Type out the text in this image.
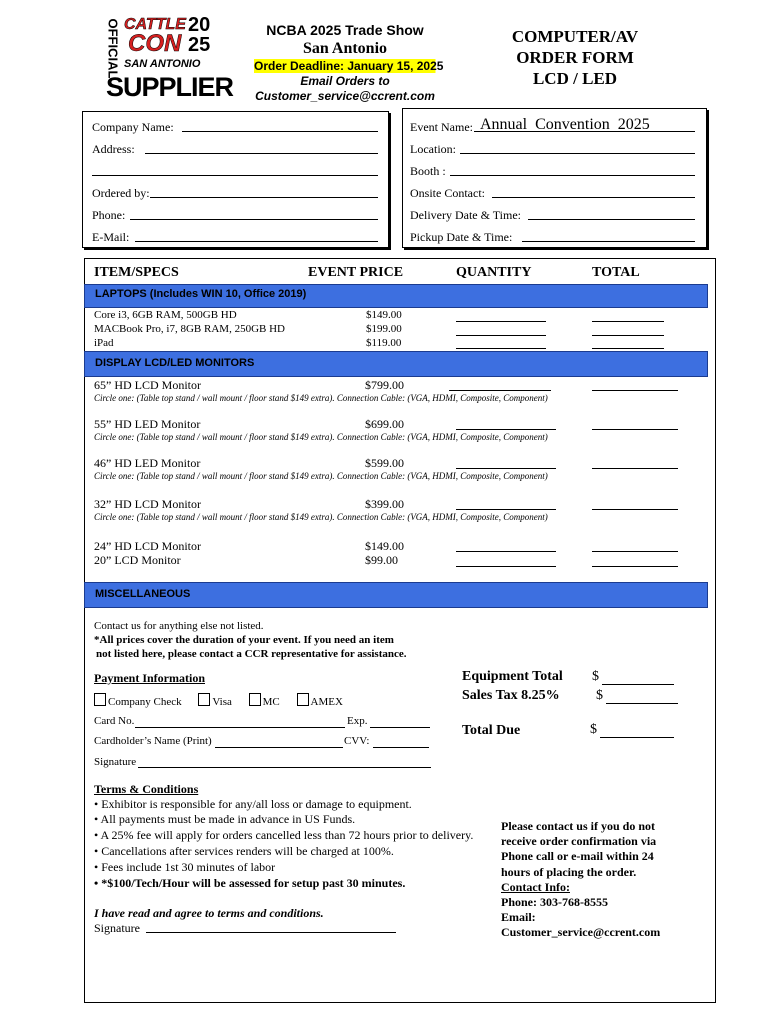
OFFICIAL CATTLE 20
CON 25
SAN ANTONIO
SUPPLIER
NCBA 2025 Trade Show
San Antonio
Order Deadline: January 15, 2025
Email Orders to
Customer_service@ccrent.com
COMPUTER/AV
ORDER FORM
LCD / LED
Company Name:
Address:
Ordered by:
Phone:
E-Mail:
Event Name: Annual  Convention  2025
Location:
Booth :
Onsite Contact:
Delivery Date & Time:
Pickup Date & Time:
ITEM/SPECS	EVENT PRICE	QUANTITY	TOTAL
LAPTOPS (Includes WIN 10, Office 2019)
Core i3, 6GB RAM, 500GB HD	$149.00
MACBook Pro, i7, 8GB RAM, 250GB HD	$199.00
iPad	$119.00
DISPLAY LCD/LED MONITORS
65” HD LCD Monitor	$799.00
Circle one: (Table top stand / wall mount / floor stand $149 extra). Connection Cable: (VGA, HDMI, Composite, Component)
55” HD LED Monitor	$699.00
Circle one: (Table top stand / wall mount / floor stand $149 extra). Connection Cable: (VGA, HDMI, Composite, Component)
46” HD LED Monitor	$599.00
Circle one: (Table top stand / wall mount / floor stand $149 extra). Connection Cable: (VGA, HDMI, Composite, Component)
32” HD LCD Monitor	$399.00
Circle one: (Table top stand / wall mount / floor stand $149 extra). Connection Cable: (VGA, HDMI, Composite, Component)
24” HD LCD Monitor	$149.00
20” LCD Monitor	$99.00
MISCELLANEOUS
Contact us for anything else not listed.
*All prices cover the duration of your event. If you need an item
not listed here, please contact a CCR representative for assistance.
Payment Information
Company Check	Visa	MC	AMEX
Card No.	Exp.
Cardholder’s Name (Print)	CVV:
Signature
Equipment Total $
Sales Tax 8.25%	$
Total Due	$
Terms & Conditions
• Exhibitor is responsible for any/all loss or damage to equipment.
• All payments must be made in advance in US Funds.
• A 25% fee will apply for orders cancelled less than 72 hours prior to delivery.
• Cancellations after services renders will be charged at 100%.
• Fees include 1st 30 minutes of labor
• *$100/Tech/Hour will be assessed for setup past 30 minutes.
I have read and agree to terms and conditions.
Signature
Please contact us if you do not
receive order confirmation via
Phone call or e-mail within 24
hours of placing the order.
Contact Info:
Phone: 303-768-8555
Email:
Customer_service@ccrent.com
